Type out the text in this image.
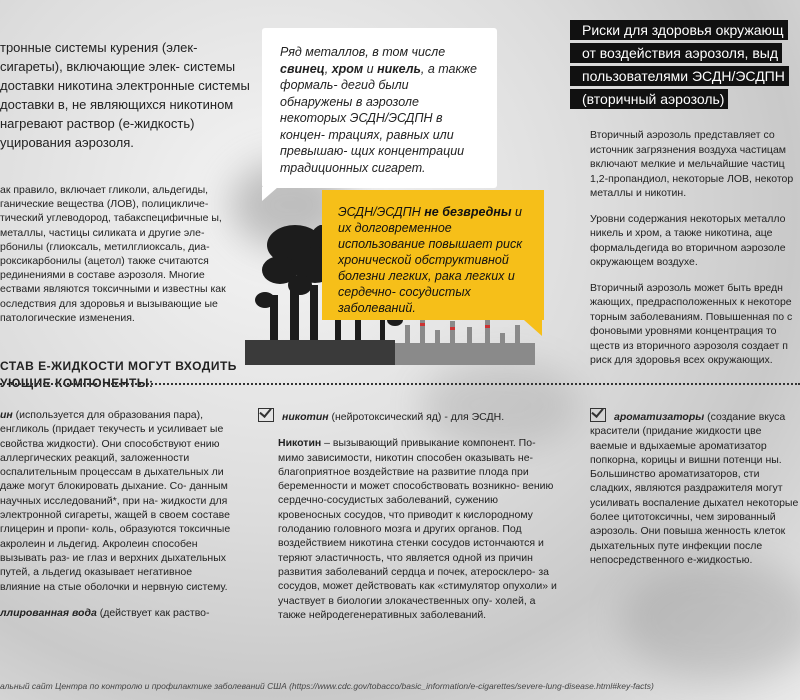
тронные системы курения (элек- сигареты), включающие элек- системы доставки никотина электронные системы доставки в, не являющихся никотином нагревают раствор (е-жидкость) уцирования аэрозоля.
ак правило, включает гликоли, альдегиды, ганические вещества (ЛОВ), полицикличе- тический углеводород, табакспецифичные ы, металлы, частицы силиката и другие эле- рбонилы (глиоксаль, метилглиоксаль, диа- роксикарбонилы (ацетол) также считаются рединениями в составе аэрозоля. Многие ествами являются токсичными и известны как оследствия для здоровья и вызывающие ые патологические изменения.
СТАВ Е-ЖИДКОСТИ МОГУТ ВХОДИТЬ УЮЩИЕ КОМПОНЕНТЫ:
Ряд металлов, в том числе свинец, хром и никель, а также формаль- дегид были обнаружены в аэрозоле некоторых ЭСДН/ЭСДПН в концен- трациях, равных или превышаю- щих концентрации традиционных сигарет.
ЭСДН/ЭСДПН не безвредны и их долговременное использование повышает риск хронической обструктивной болезни легких, рака легких и сердечно- сосудистых заболеваний.
Риски для здоровья окружающ
от воздействия аэрозоля, выд
пользователями ЭСДН/ЭСДПН
(вторичный аэрозоль)

Вторичный аэрозоль представляет со источник загрязнения воздуха частицам включают мелкие и мельчайшие частиц 1,2-пропандиол, некоторые ЛОВ, некотор металлы и никотин.

Уровни содержания некоторых металло никель и хром, а также никотина, аце формальдегида во вторичном аэрозоле окружающем воздухе.

Вторичный аэрозоль может быть вредн жающих, предрасположенных к некоторе торным заболеваниям. Повышенная по с фоновыми уровнями концентрация то ществ из вторичного аэрозоля создает п риск для здоровья всех окружающих.

ин (используется для образования пара), енгликоль (придает текучесть и усиливает ые свойства жидкости). Они способствуют ению аллергических реакций, заложенности оспалительным процессам в дыхательных ли даже могут блокировать дыхание. Со- данным научных исследований*, при на- жидкости для электронной сигареты, жащей в своем составе глицерин и пропи- коль, образуются токсичные акролеин и льдегид. Акролеин способен вызывать раз- ие глаз и верхних дыхательных путей, а льдегид оказывает негативное влияние на стые оболочки и нервную систему.

ллированная вода (действует как раство-

никотин (нейротоксический яд) - для ЭСДН.

Никотин – вызывающий привыкание компонент. По- мимо зависимости, никотин способен оказывать не- благоприятное воздействие на развитие плода при беременности и может способствовать возникно- вению сердечно-сосудистых заболеваний, сужению кровеносных сосудов, что приводит к кислородному голоданию головного мозга и других органов. Под воздействием никотина стенки сосудов истончаются и теряют эластичность, что является одной из причин развития заболеваний сердца и почек, атеросклеро- за сосудов, может действовать как «стимулятор опухоли» и участвует в биологии злокачественных опу- холей, а также нейродегенеративных заболеваний.

ароматизаторы (создание вкуса красители (придание жидкости цве ваемые и вдыхаемые ароматизатор попкорна, корицы и вишни потенци ны. Большинство ароматизаторов, сти сладких, являются раздражителя могут усиливать воспаление дыхател некоторые более цитотоксичны, чем зированный аэрозоль. Они повыша женность клеток дыхательных путе инфекции после непосредственного е-жидкостью.

альный сайт Центра по контролю и профилактике заболеваний США (https://www.cdc.gov/tobacco/basic_information/e-cigarettes/severe-lung-disease.html#key-facts)
